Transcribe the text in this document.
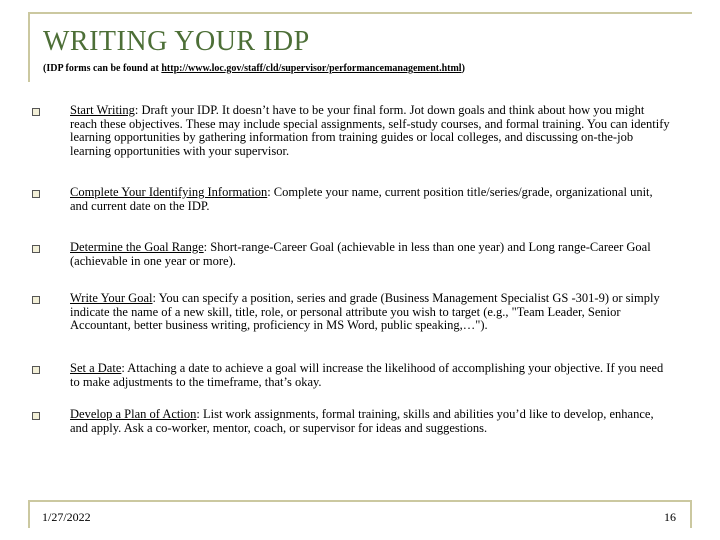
WRITING YOUR IDP
(IDP forms can be found at http://www.loc.gov/staff/cld/supervisor/performancemanagement.html)
Start Writing: Draft your IDP. It doesn’t have to be your final form. Jot down goals and think about how you might reach these objectives. These may include special assignments, self-study courses, and formal training. You can identify learning opportunities by gathering information from training guides or local colleges, and discussing on-the-job learning opportunities with your supervisor.
Complete Your Identifying Information: Complete your name, current position title/series/grade, organizational unit, and current date on the IDP.
Determine the Goal Range: Short-range-Career Goal (achievable in less than one year) and Long range-Career Goal (achievable in one year or more).
Write Your Goal: You can specify a position, series and grade (Business Management Specialist GS -301-9) or simply indicate the name of a new skill, title, role, or personal attribute you wish to target (e.g., "Team Leader, Senior Accountant, better business writing, proficiency in MS Word, public speaking,…").
Set a Date: Attaching a date to achieve a goal will increase the likelihood of accomplishing your objective. If you need to make adjustments to the timeframe, that’s okay.
Develop a Plan of Action: List work assignments, formal training, skills and abilities you’d like to develop, enhance, and apply. Ask a co-worker, mentor, coach, or supervisor for ideas and suggestions.
1/27/2022	16
